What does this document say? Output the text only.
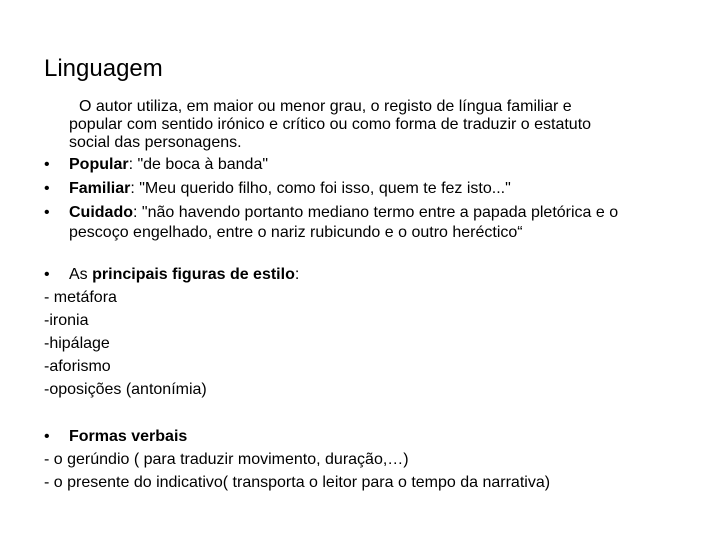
Linguagem
O autor utiliza, em maior ou menor grau, o registo de língua familiar e
popular com sentido irónico e crítico ou como forma de traduzir o estatuto
social das personagens.
• Popular: "de boca à banda"
• Familiar: "Meu querido filho, como foi isso, quem te fez isto..."
• Cuidado: "não havendo portanto mediano termo entre a papada pletórica e o
pescoço engelhado, entre o nariz rubicundo e o outro heréctico“
• As principais figuras de estilo:
- metáfora
-ironia
-hipálage
-aforismo
-oposições (antonímia)
• Formas verbais
- o gerúndio ( para traduzir movimento, duração,…)
- o presente do indicativo( transporta o leitor para o tempo da narrativa)
